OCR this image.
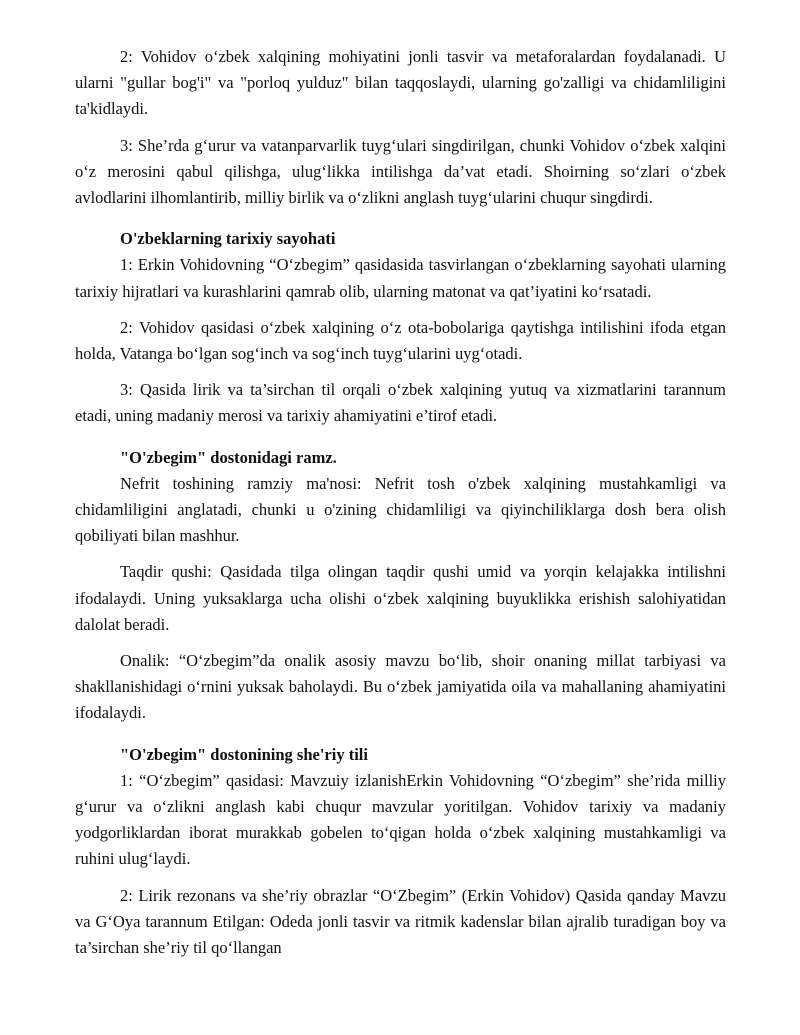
2: Vohidov o‘zbek xalqining mohiyatini jonli tasvir va metaforalardan foydalanadi. U ularni "gullar bog'i" va "porloq yulduz" bilan taqqoslaydi, ularning go'zalligi va chidamliligini ta'kidlaydi.

3: She’rda g‘urur va vatanparvarlik tuyg‘ulari singdirilgan, chunki Vohidov o‘zbek xalqini o‘z merosini qabul qilishga, ulug‘likka intilishga da’vat etadi. Shoirning so‘zlari o‘zbek avlodlarini ilhomlantirib, milliy birlik va o‘zlikni anglash tuyg‘ularini chuqur singdirdi.

O'zbeklarning tarixiy sayohati

1: Erkin Vohidovning “O‘zbegim” qasidasida tasvirlangan o‘zbeklarning sayohati ularning tarixiy hijratlari va kurashlarini qamrab olib, ularning matonat va qat’iyatini ko‘rsatadi.

2: Vohidov qasidasi o‘zbek xalqining o‘z ota-bobolariga qaytishga intilishini ifoda etgan holda, Vatanga bo‘lgan sog‘inch va sog‘inch tuyg‘ularini uyg‘otadi.

3: Qasida lirik va ta’sirchan til orqali o‘zbek xalqining yutuq va xizmatlarini tarannum etadi, uning madaniy merosi va tarixiy ahamiyatini e’tirof etadi.

"O'zbegim" dostonidagi ramz.

Nefrit toshining ramziy ma'nosi: Nefrit tosh o'zbek xalqining mustahkamligi va chidamliligini anglatadi, chunki u o'zining chidamliligi va qiyinchiliklarga dosh bera olish qobiliyati bilan mashhur.

Taqdir qushi: Qasidada tilga olingan taqdir qushi umid va yorqin kelajakka intilishni ifodalaydi. Uning yuksaklarga ucha olishi o‘zbek xalqining buyuklikka erishish salohiyatidan dalolat beradi.

Onalik: “O‘zbegim”da onalik asosiy mavzu bo‘lib, shoir onaning millat tarbiyasi va shakllanishidagi o‘rnini yuksak baholaydi. Bu o‘zbek jamiyatida oila va mahallaning ahamiyatini ifodalaydi.

"O'zbegim" dostonining she'riy tili

1: “O‘zbegim” qasidasi: Mavzuiy izlanishErkin Vohidovning “O‘zbegim” she’rida milliy g‘urur va o‘zlikni anglash kabi chuqur mavzular yoritilgan. Vohidov tarixiy va madaniy yodgorliklardan iborat murakkab gobelen to‘qigan holda o‘zbek xalqining mustahkamligi va ruhini ulug‘laydi.

2: Lirik rezonans va she’riy obrazlar “O‘Zbegim” (Erkin Vohidov) Qasida qanday Mavzu va G‘Oya tarannum Etilgan: Odeda jonli tasvir va ritmik kadenslar bilan ajralib turadigan boy va ta’sirchan she’riy til qo‘llangan
